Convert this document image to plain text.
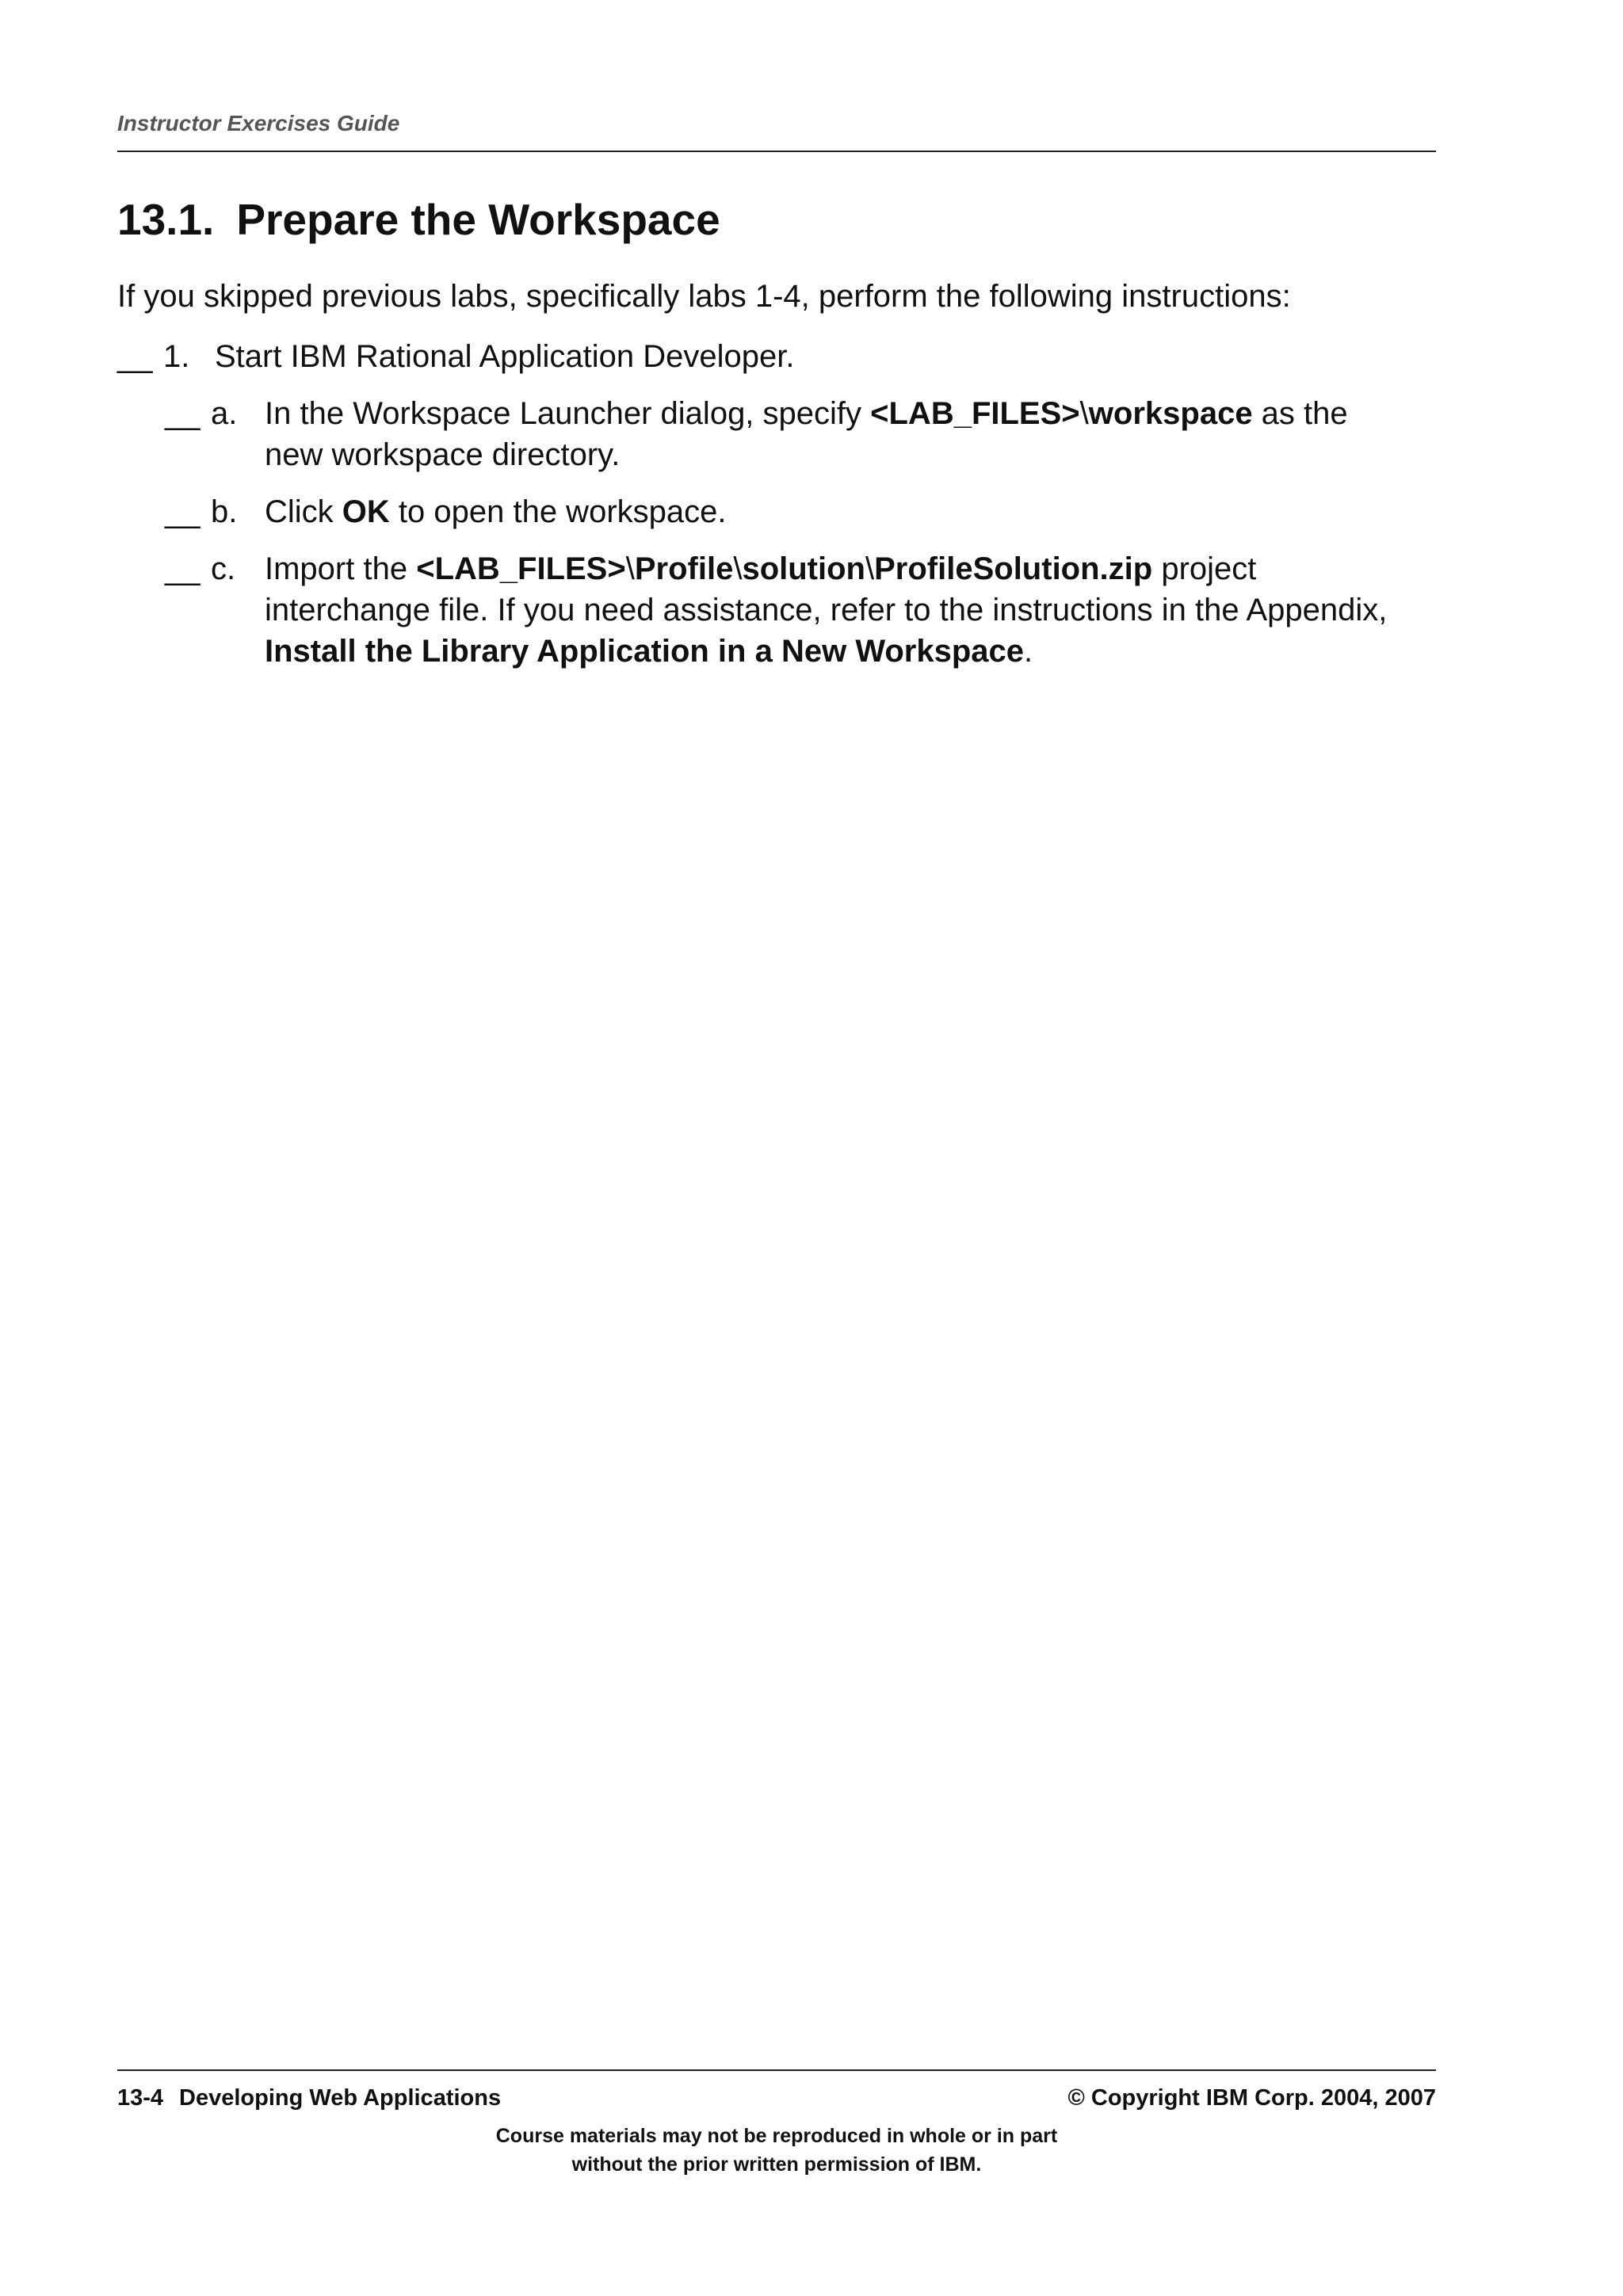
Instructor Exercises Guide
13.1. Prepare the Workspace
If you skipped previous labs, specifically labs 1-4, perform the following instructions:
__ 1. Start IBM Rational Application Developer.
__ a. In the Workspace Launcher dialog, specify <LAB_FILES>\workspace as the
new workspace directory.
__ b. Click OK to open the workspace.
__ c. Import the <LAB_FILES>\Profile\solution\ProfileSolution.zip project
interchange file. If you need assistance, refer to the instructions in the Appendix,
Install the Library Application in a New Workspace.
13-4 Developing Web Applications	© Copyright IBM Corp. 2004, 2007
Course materials may not be reproduced in whole or in part
without the prior written permission of IBM.
